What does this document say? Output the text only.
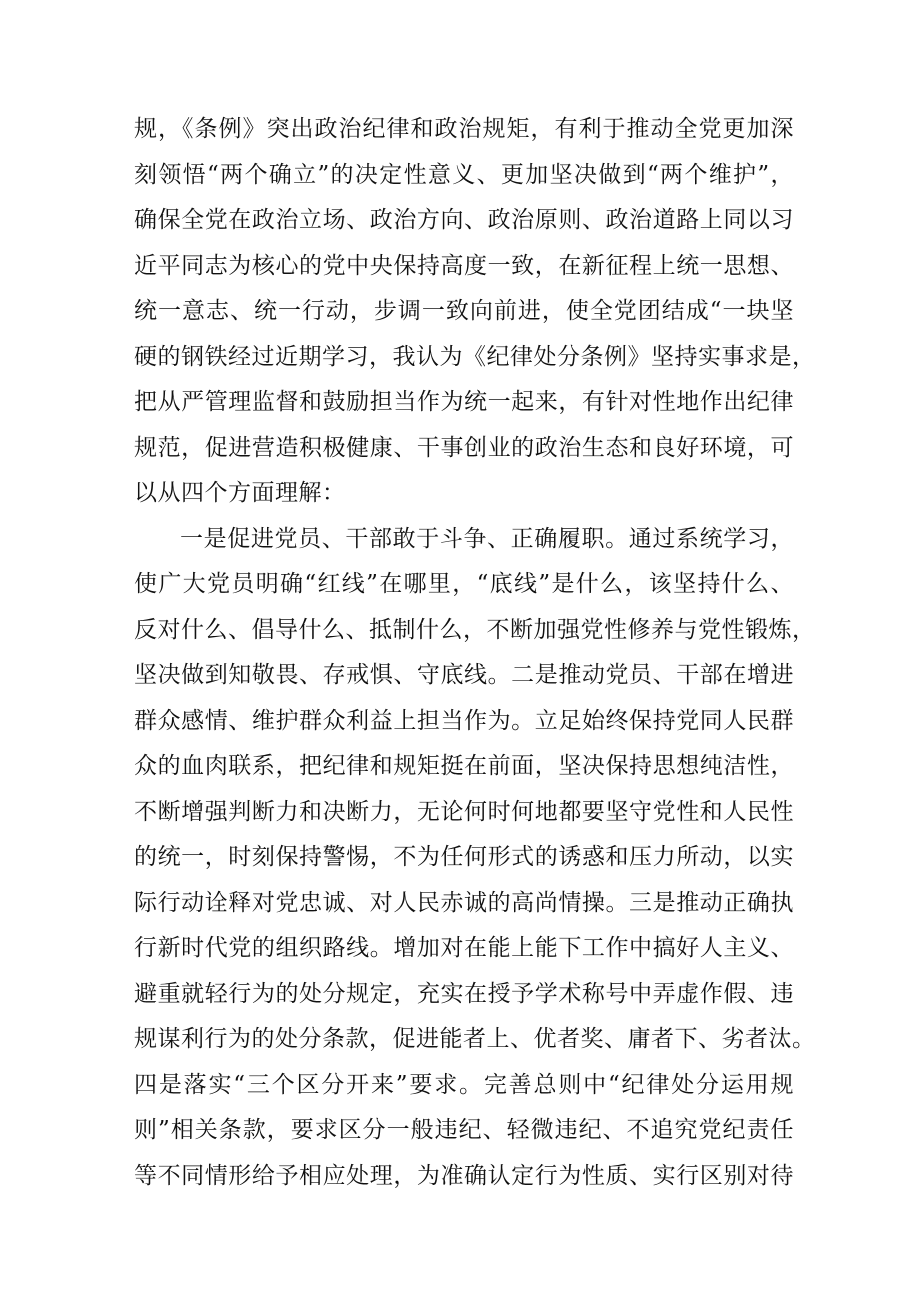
规，《条例》突出政治纪律和政治规矩，有利于推动全党更加深
刻领悟“两个确立”的决定性意义、更加坚决做到“两个维护”，
确保全党在政治立场、政治方向、政治原则、政治道路上同以习
近平同志为核心的党中央保持高度一致，在新征程上统一思想、
统一意志、统一行动，步调一致向前进，使全党团结成“一块坚
硬的钢铁经过近期学习，我认为《纪律处分条例》坚持实事求是，
把从严管理监督和鼓励担当作为统一起来，有针对性地作出纪律
规范，促进营造积极健康、干事创业的政治生态和良好环境，可
以从四个方面理解：
一是促进党员、干部敢于斗争、正确履职。通过系统学习，
使广大党员明确“红线”在哪里，“底线”是什么，该坚持什么、
反对什么、倡导什么、抵制什么，不断加强党性修养与党性锻炼，
坚决做到知敬畏、存戒惧、守底线。二是推动党员、干部在增进
群众感情、维护群众利益上担当作为。立足始终保持党同人民群
众的血肉联系，把纪律和规矩挺在前面，坚决保持思想纯洁性，
不断增强判断力和决断力，无论何时何地都要坚守党性和人民性
的统一，时刻保持警惕，不为任何形式的诱惑和压力所动，以实
际行动诠释对党忠诚、对人民赤诚的高尚情操。三是推动正确执
行新时代党的组织路线。增加对在能上能下工作中搞好人主义、
避重就轻行为的处分规定，充实在授予学术称号中弄虚作假、违
规谋利行为的处分条款，促进能者上、优者奖、庸者下、劣者汰。
四是落实“三个区分开来”要求。完善总则中“纪律处分运用规
则”相关条款，要求区分一般违纪、轻微违纪、不追究党纪责任
等不同情形给予相应处理，为准确认定行为性质、实行区别对待
